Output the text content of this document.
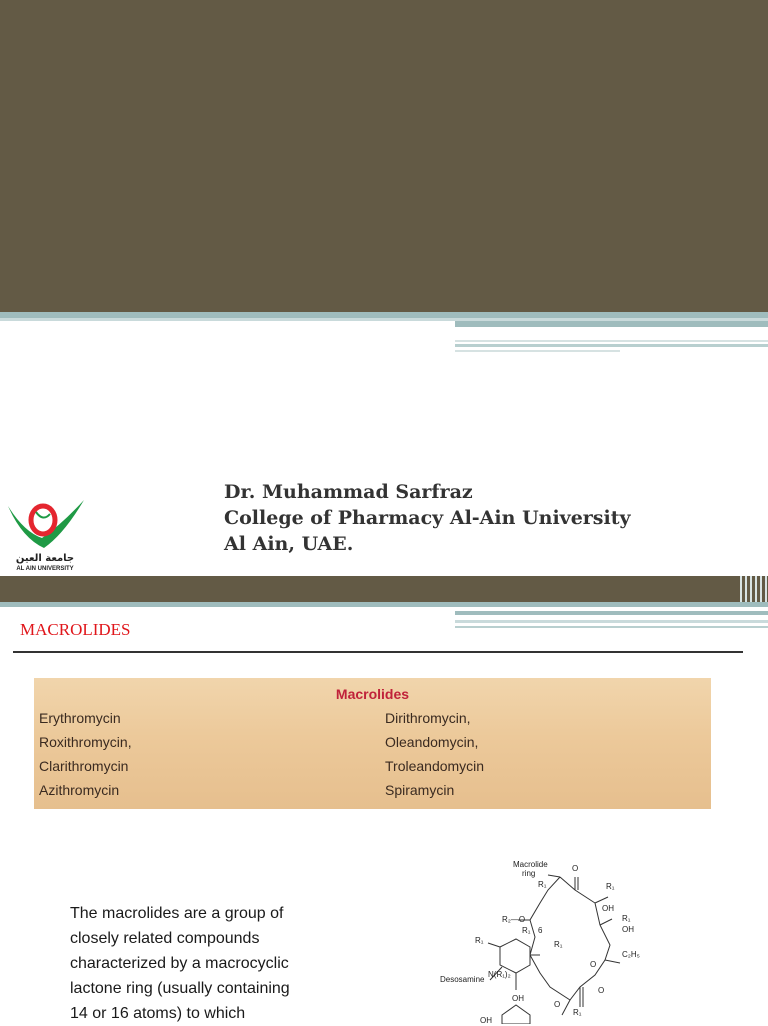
Dr. Muhammad Sarfraz
College of Pharmacy Al-Ain University
Al Ain, UAE.
جامعة العين
AL AIN UNIVERSITY
MACROLIDES
Macrolides
Erythromycin
Roxithromycin,
Clarithromycin
Azithromycin
Dirithromycin,
Oleandomycin,
Troleandomycin
Spiramycin
The macrolides are a group of
closely related compounds
characterized by a macrocyclic
lactone ring (usually containing
14 or 16 atoms) to which
Macrolide
ring
R₁
O
R₁
OH
R₁
OH
C₂H₅
R₂—O
R₁ 6
R₁	R₁
N(R₁)₂
Desosamine
OH
O
O
R₁
O
OH
